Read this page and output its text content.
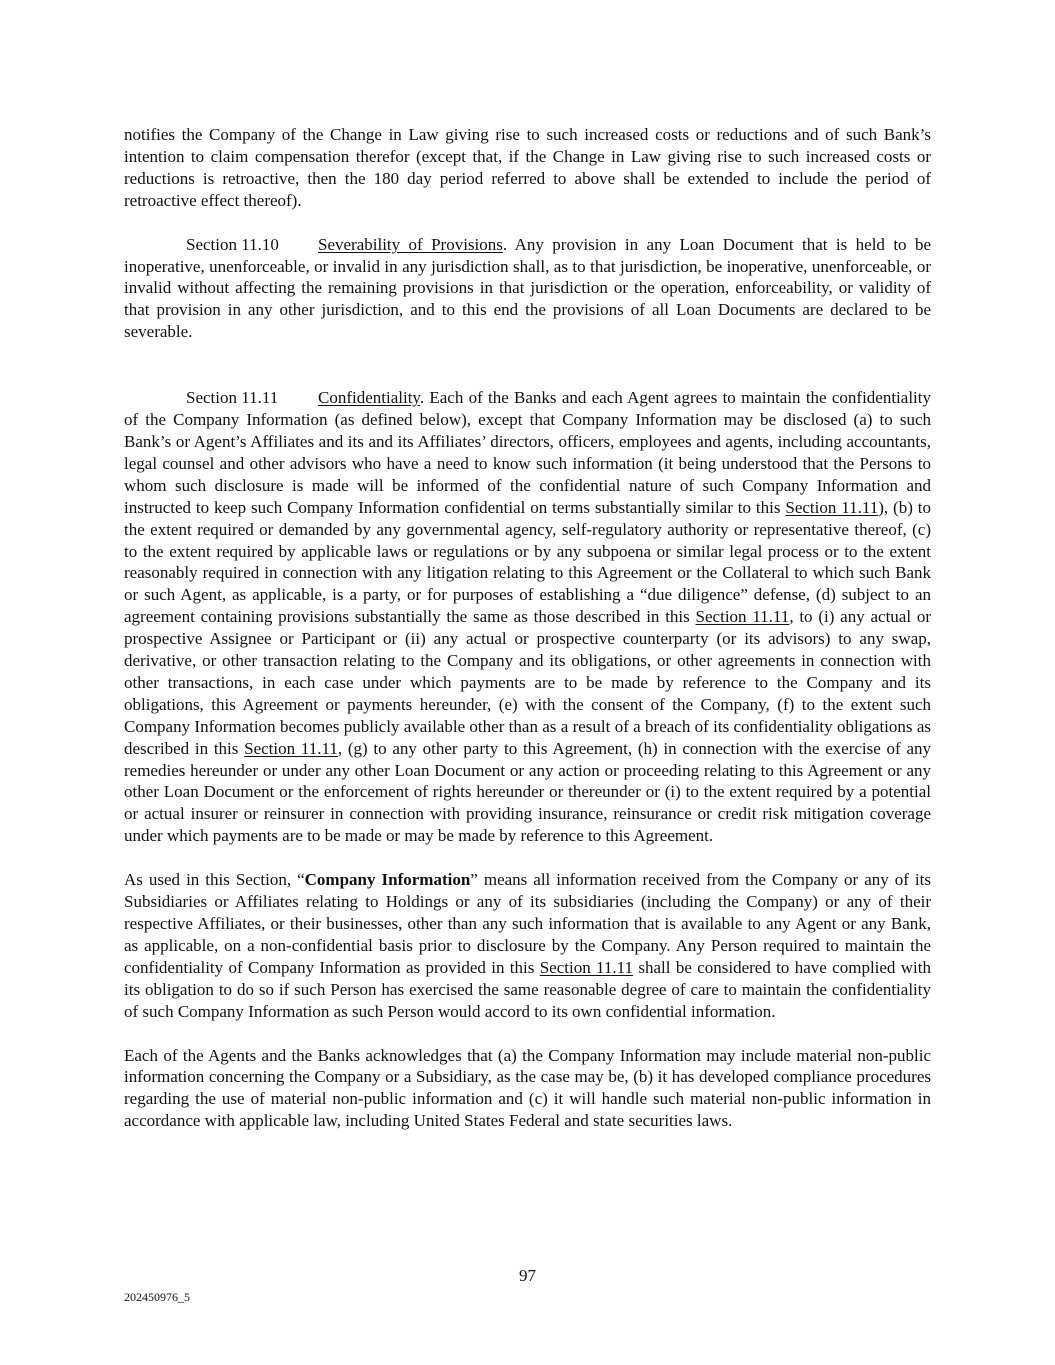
notifies the Company of the Change in Law giving rise to such increased costs or reductions and of such Bank’s intention to claim compensation therefor (except that, if the Change in Law giving rise to such increased costs or reductions is retroactive, then the 180 day period referred to above shall be extended to include the period of retroactive effect thereof).

Section 11.10 Severability of Provisions. Any provision in any Loan Document that is held to be inoperative, unenforceable, or invalid in any jurisdiction shall, as to that jurisdiction, be inoperative, unenforceable, or invalid without affecting the remaining provisions in that jurisdiction or the operation, enforceability, or validity of that provision in any other jurisdiction, and to this end the provisions of all Loan Documents are declared to be severable.

Section 11.11 Confidentiality. Each of the Banks and each Agent agrees to maintain the confidentiality of the Company Information (as defined below), except that Company Information may be disclosed (a) to such Bank’s or Agent’s Affiliates and its and its Affiliates’ directors, officers, employees and agents, including accountants, legal counsel and other advisors who have a need to know such information (it being understood that the Persons to whom such disclosure is made will be informed of the confidential nature of such Company Information and instructed to keep such Company Information confidential on terms substantially similar to this Section 11.11), (b) to the extent required or demanded by any governmental agency, self-regulatory authority or representative thereof, (c) to the extent required by applicable laws or regulations or by any subpoena or similar legal process or to the extent reasonably required in connection with any litigation relating to this Agreement or the Collateral to which such Bank or such Agent, as applicable, is a party, or for purposes of establishing a “due diligence” defense, (d) subject to an agreement containing provisions substantially the same as those described in this Section 11.11, to (i) any actual or prospective Assignee or Participant or (ii) any actual or prospective counterparty (or its advisors) to any swap, derivative, or other transaction relating to the Company and its obligations, or other agreements in connection with other transactions, in each case under which payments are to be made by reference to the Company and its obligations, this Agreement or payments hereunder, (e) with the consent of the Company, (f) to the extent such Company Information becomes publicly available other than as a result of a breach of its confidentiality obligations as described in this Section 11.11, (g) to any other party to this Agreement, (h) in connection with the exercise of any remedies hereunder or under any other Loan Document or any action or proceeding relating to this Agreement or any other Loan Document or the enforcement of rights hereunder or thereunder or (i) to the extent required by a potential or actual insurer or reinsurer in connection with providing insurance, reinsurance or credit risk mitigation coverage under which payments are to be made or may be made by reference to this Agreement.

As used in this Section, “Company Information” means all information received from the Company or any of its Subsidiaries or Affiliates relating to Holdings or any of its subsidiaries (including the Company) or any of their respective Affiliates, or their businesses, other than any such information that is available to any Agent or any Bank, as applicable, on a non-confidential basis prior to disclosure by the Company. Any Person required to maintain the confidentiality of Company Information as provided in this Section 11.11 shall be considered to have complied with its obligation to do so if such Person has exercised the same reasonable degree of care to maintain the confidentiality of such Company Information as such Person would accord to its own confidential information.

Each of the Agents and the Banks acknowledges that (a) the Company Information may include material non-public information concerning the Company or a Subsidiary, as the case may be, (b) it has developed compliance procedures regarding the use of material non-public information and (c) it will handle such material non-public information in accordance with applicable law, including United States Federal and state securities laws.

97
202450976_5
